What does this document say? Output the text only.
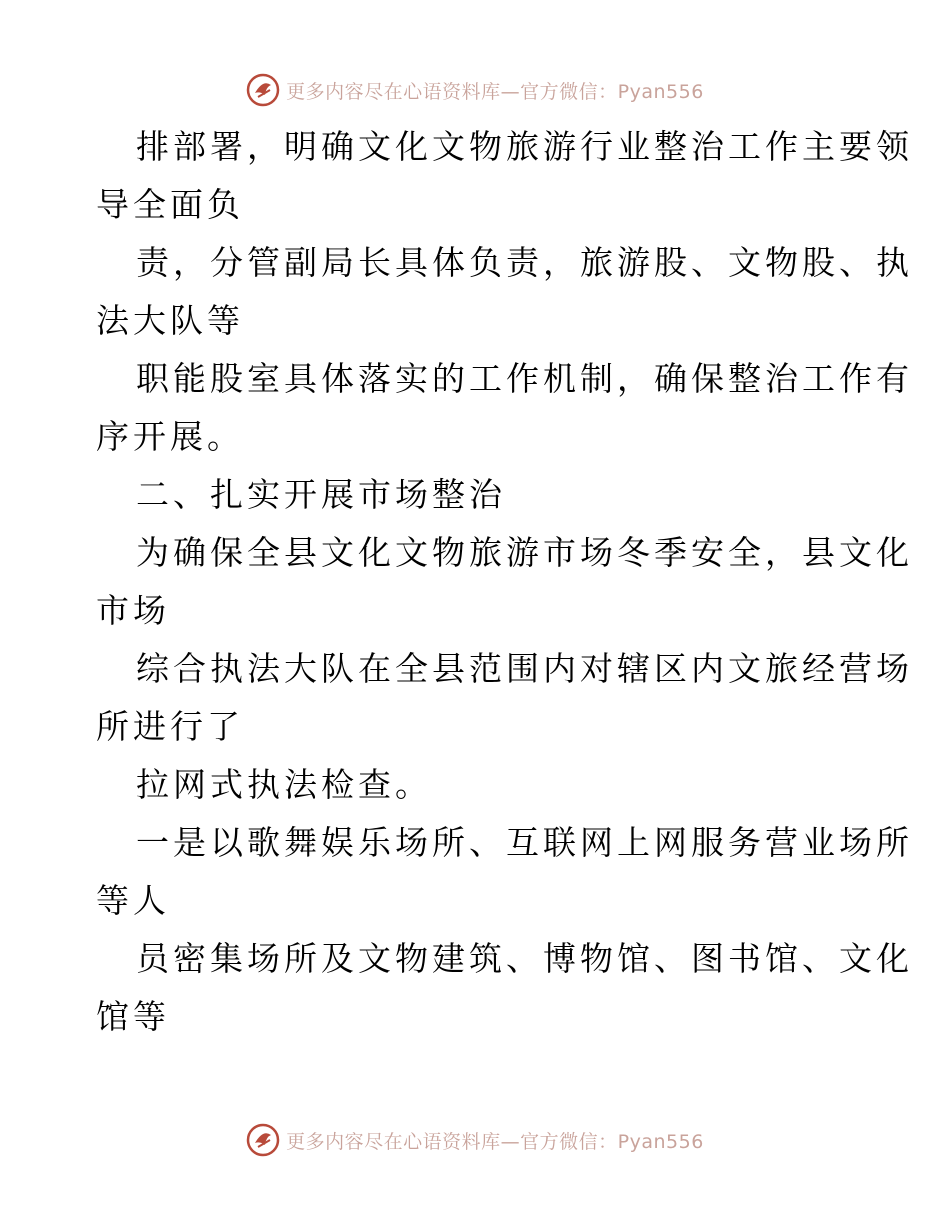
更多内容尽在心语资料库—官方微信：Pyan556
排部署，明确文化文物旅游行业整治工作主要领
导全面负
责，分管副局长具体负责，旅游股、文物股、执
法大队等
职能股室具体落实的工作机制，确保整治工作有
序开展。
二、扎实开展市场整治
为确保全县文化文物旅游市场冬季安全，县文化
市场
综合执法大队在全县范围内对辖区内文旅经营场
所进行了
拉网式执法检查。
一是以歌舞娱乐场所、互联网上网服务营业场所
等人
员密集场所及文物建筑、博物馆、图书馆、文化
馆等
更多内容尽在心语资料库—官方微信：Pyan556
